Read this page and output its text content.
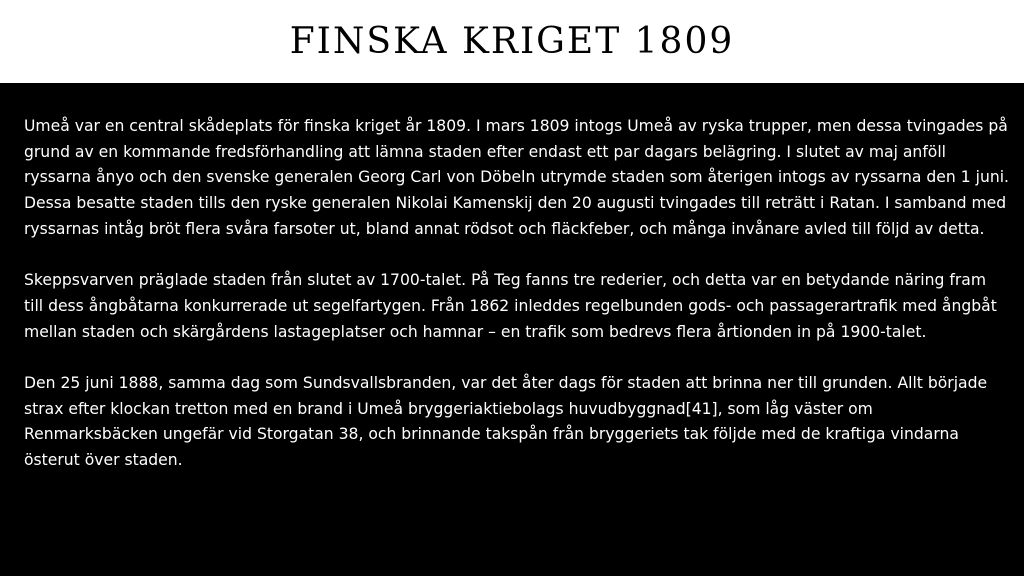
FINSKA KRIGET 1809

Umeå var en central skådeplats för finska kriget år 1809. I mars 1809 intogs Umeå av ryska trupper, men dessa tvingades på grund av en kommande fredsförhandling att lämna staden efter endast ett par dagars belägring. I slutet av maj anföll ryssarna ånyo och den svenske generalen Georg Carl von Döbeln utrymde staden som återigen intogs av ryssarna den 1 juni. Dessa besatte staden tills den ryske generalen Nikolai Kamenskij den 20 augusti tvingades till reträtt i Ratan. I samband med ryssarnas intåg bröt flera svåra farsoter ut, bland annat rödsot och fläckfeber, och många invånare avled till följd av detta.

Skeppsvarven präglade staden från slutet av 1700-talet. På Teg fanns tre rederier, och detta var en betydande näring fram till dess ångbåtarna konkurrerade ut segelfartygen. Från 1862 inleddes regelbunden gods- och passagerartrafik med ångbåt mellan staden och skärgårdens lastageplatser och hamnar – en trafik som bedrevs flera årtionden in på 1900-talet.

Den 25 juni 1888, samma dag som Sundsvallsbranden, var det åter dags för staden att brinna ner till grunden. Allt började strax efter klockan tretton med en brand i Umeå bryggeriaktiebolags huvudbyggnad[41], som låg väster om Renmarksbäcken ungefär vid Storgatan 38, och brinnande takspån från bryggeriets tak följde med de kraftiga vindarna österut över staden.
